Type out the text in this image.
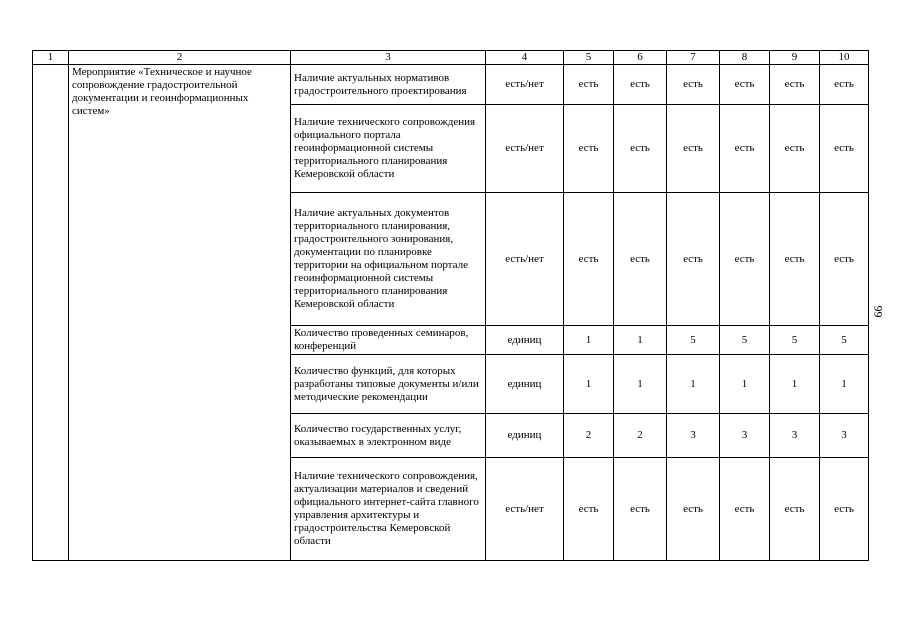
1	2	3	4	5	6	7	8	9	10
	Мероприятие «Техническое и научное сопровождение градостроительной документации и геоинформационных систем»	Наличие актуальных нормативов градостроительного проектирования	есть/нет	есть	есть	есть	есть	есть	есть
		Наличие технического сопровождения официального портала геоинформационной системы территориального планирования Кемеровской области	есть/нет	есть	есть	есть	есть	есть	есть
		Наличие актуальных документов территориального планирования, градостроительного зонирования, документации по планировке территории на официальном портале геоинформационной системы территориального планирования Кемеровской области	есть/нет	есть	есть	есть	есть	есть	есть
		Количество проведенных семинаров, конференций	единиц	1	1	5	5	5	5
		Количество функций, для которых разработаны типовые документы и/или методические рекомендации	единиц	1	1	1	1	1	1
		Количество государственных услуг, оказываемых в электронном виде	единиц	2	2	3	3	3	3
		Наличие технического сопровождения, актуализации материалов и сведений официального интернет-сайта главного управления архитектуры и градостроительства Кемеровской области	есть/нет	есть	есть	есть	есть	есть	есть
99
